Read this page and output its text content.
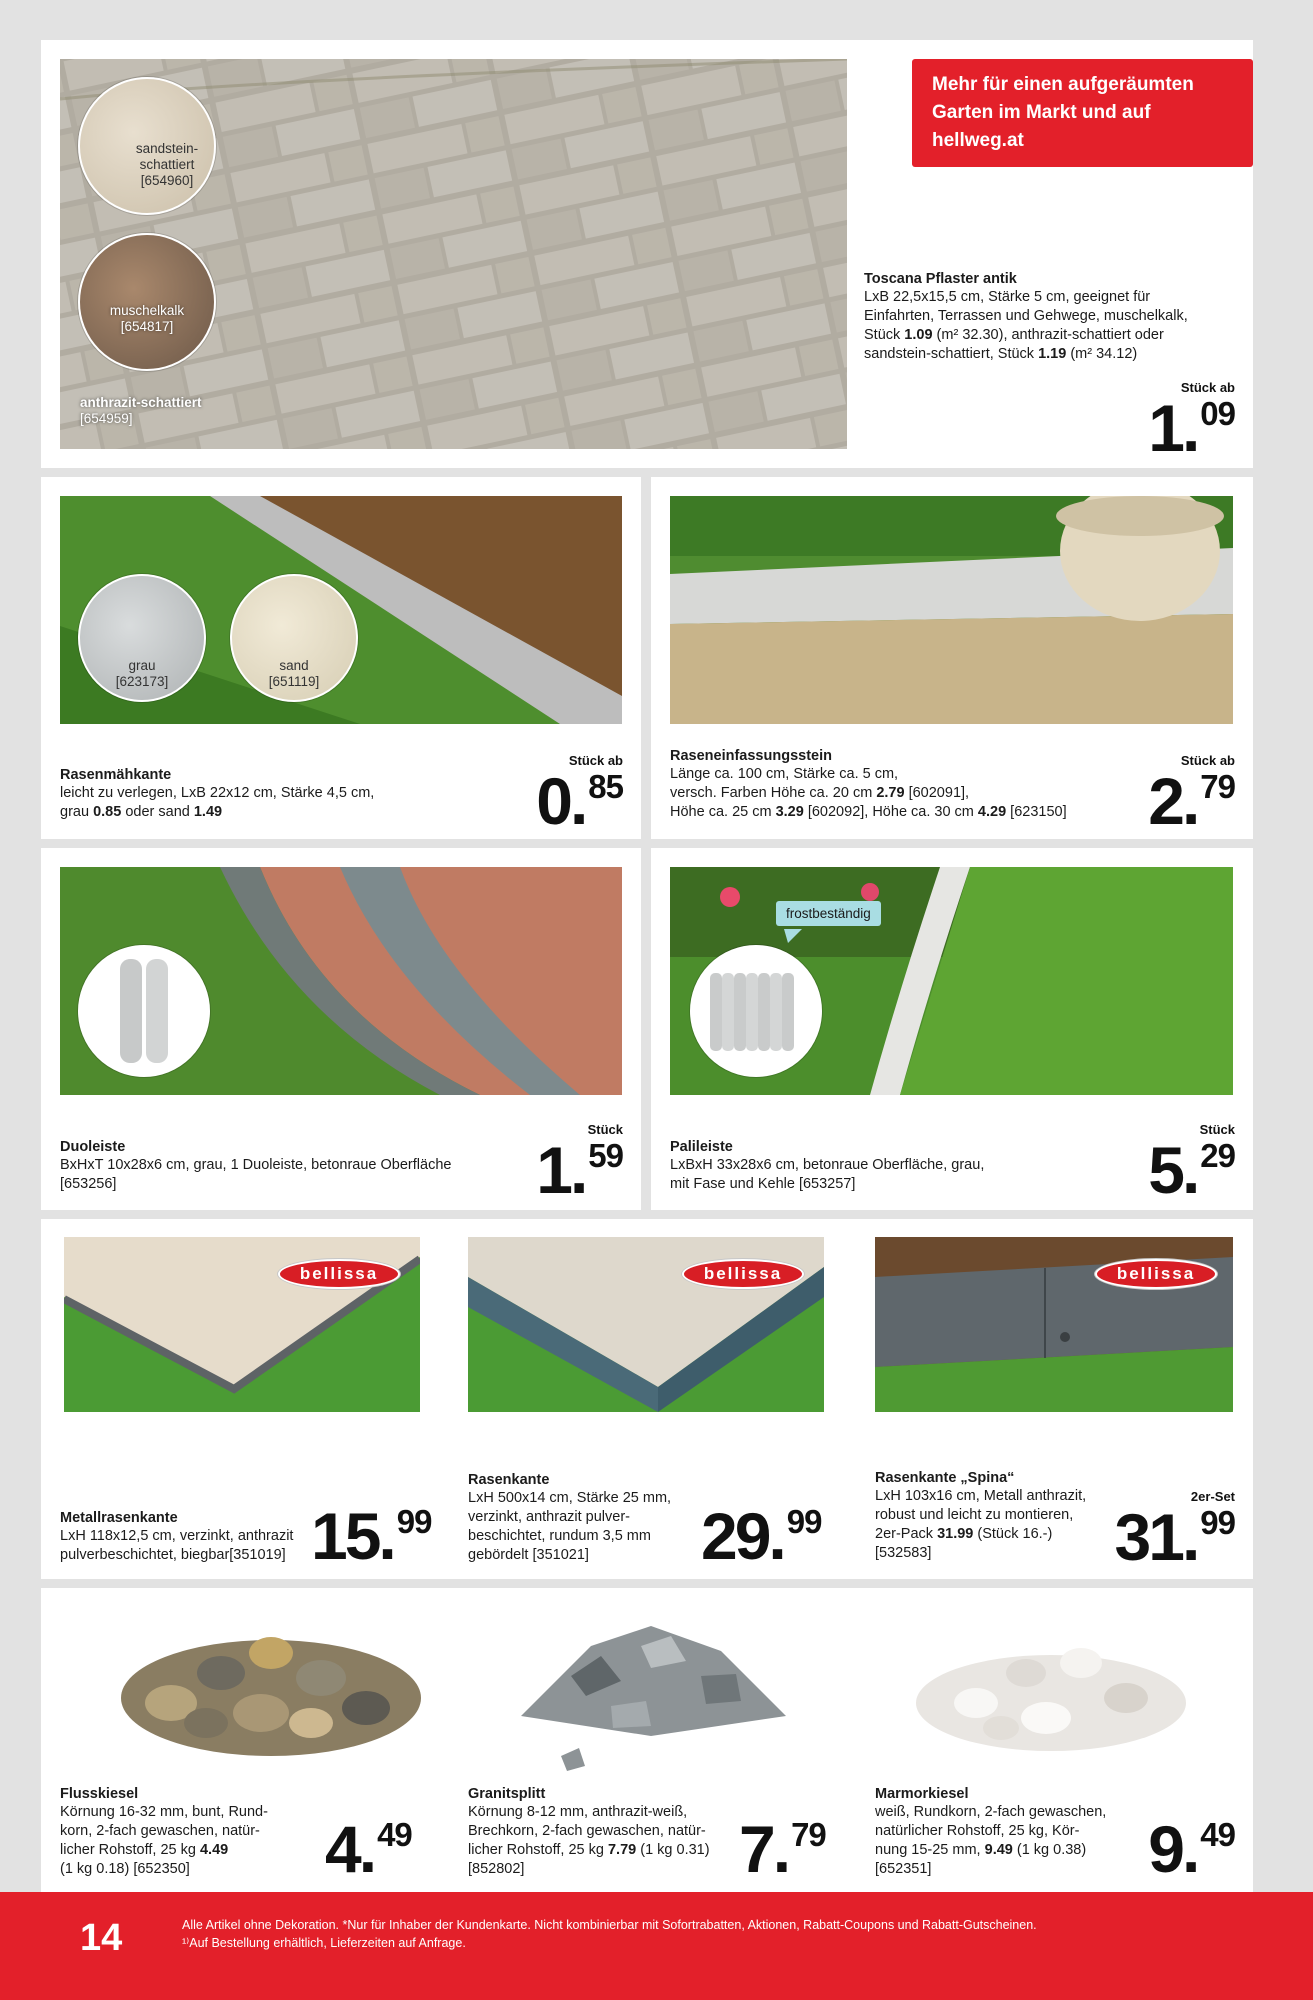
sandstein-
schattiert
[654960]
muschelkalk
[654817]
anthrazit-schattiert
[654959]
Mehr für einen aufgeräumten Garten im Markt und auf hellweg.at
Toscana Pflaster antik
LxB 22,5x15,5 cm, Stärke 5 cm, geeignet für
Einfahrten, Terrassen und Gehwege, muschelkalk,
Stück 1.09 (m² 32.30), anthrazit-schattiert oder
sandstein-schattiert, Stück 1.19 (m² 34.12)
Stück ab
1.09
grau
[623173]
sand
[651119]
Rasenmähkante
leicht zu verlegen, LxB 22x12 cm, Stärke 4,5 cm,
grau 0.85 oder sand 1.49
Stück ab
0.85
Raseneinfassungsstein
Länge ca. 100 cm, Stärke ca. 5 cm,
versch. Farben Höhe ca. 20 cm 2.79 [602091],
Höhe ca. 25 cm 3.29 [602092], Höhe ca. 30 cm 4.29 [623150]
Stück ab
2.79
Duoleiste
BxHxT 10x28x6 cm, grau, 1 Duoleiste, betonraue Oberfläche
[653256]
Stück
1.59
frostbeständig
Palileiste
LxBxH 33x28x6 cm, betonraue Oberfläche, grau,
mit Fase und Kehle [653257]
Stück
5.29
bellissa
Metallrasenkante
LxH 118x12,5 cm, verzinkt, anthrazit
pulverbeschichtet, biegbar[351019] 15.99
bellissa
Rasenkante
LxH 500x14 cm, Stärke 25 mm,
verzinkt, anthrazit pulver-
beschichtet, rundum 3,5 mm
gebördelt [351021]	29.99
bellissa
Rasenkante „Spina“
LxH 103x16 cm, Metall anthrazit,
robust und leicht zu montieren,
2er-Pack 31.99 (Stück 16.-)
[532583]
2er-Set
31.99
Flusskiesel
Körnung 16-32 mm, bunt, Rund-
korn, 2-fach gewaschen, natür-
licher Rohstoff, 25 kg 4.49
(1 kg 0.18) [652350]	4.49
Granitsplitt
Körnung 8-12 mm, anthrazit-weiß,
Brechkorn, 2-fach gewaschen, natür-
licher Rohstoff, 25 kg 7.79 (1 kg 0.31)
[852802]	7.79
Marmorkiesel
weiß, Rundkorn, 2-fach gewaschen,
natürlicher Rohstoff, 25 kg, Kör-
nung 15-25 mm, 9.49 (1 kg 0.38)
[652351]	9.49
14	Alle Artikel ohne Dekoration. *Nur für Inhaber der Kundenkarte. Nicht kombinierbar mit Sofortrabatten, Aktionen, Rabatt-Coupons und Rabatt-Gutscheinen.
¹⁾Auf Bestellung erhältlich, Lieferzeiten auf Anfrage.
